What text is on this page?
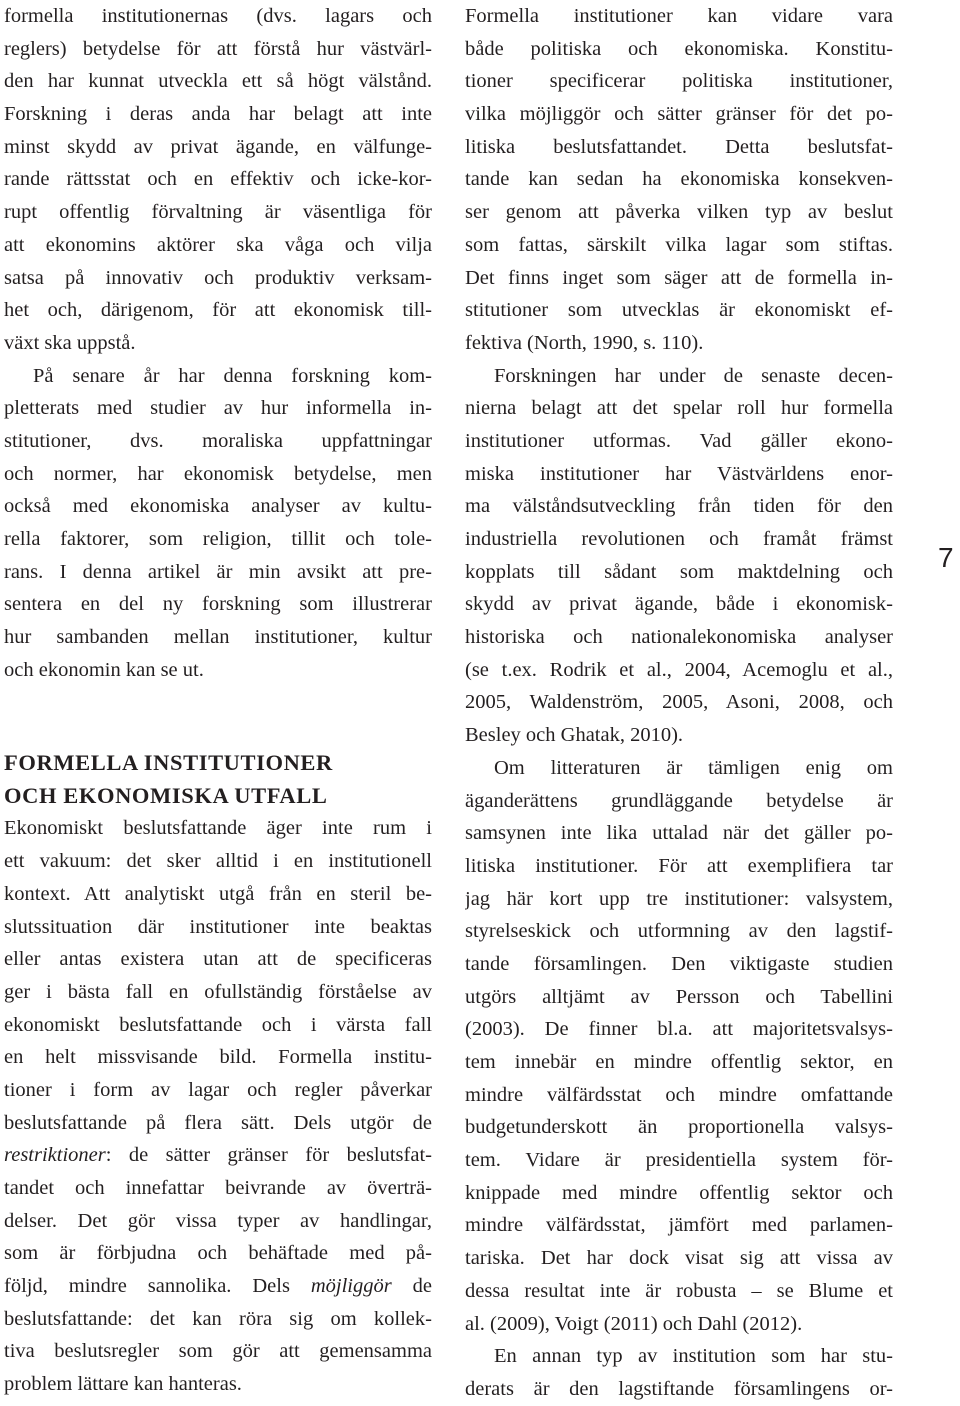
formella institutionernas (dvs. lagars och
reglers) betydelse för att förstå hur västvärl-
den har kunnat utveckla ett så högt välstånd.
Forskning i deras anda har belagt att inte
minst skydd av privat ägande, en välfunge-
rande rättsstat och en effektiv och icke-kor-
rupt offentlig förvaltning är väsentliga för
att ekonomins aktörer ska våga och vilja
satsa på innovativ och produktiv verksam-
het och, därigenom, för att ekonomisk till-
växt ska uppstå.
På senare år har denna forskning kom-
pletterats med studier av hur informella in-
stitutioner, dvs. moraliska uppfattningar
och normer, har ekonomisk betydelse, men
också med ekonomiska analyser av kultu-
rella faktorer, som religion, tillit och tole-
rans. I denna artikel är min avsikt att pre-
sentera en del ny forskning som illustrerar
hur sambanden mellan institutioner, kultur
och ekonomin kan se ut.
FORMELLA INSTITUTIONER
OCH EKONOMISKA UTFALL
Ekonomiskt beslutsfattande äger inte rum i
ett vakuum: det sker alltid i en institutionell
kontext. Att analytiskt utgå från en steril be-
slutssituation där institutioner inte beaktas
eller antas existera utan att de specificeras
ger i bästa fall en ofullständig förståelse av
ekonomiskt beslutsfattande och i värsta fall
en helt missvisande bild. Formella institu-
tioner i form av lagar och regler påverkar
beslutsfattande på flera sätt. Dels utgör de
restriktioner: de sätter gränser för beslutsfat-
tandet och innefattar beivrande av överträ-
delser. Det gör vissa typer av handlingar,
som är förbjudna och behäftade med på-
följd, mindre sannolika. Dels möjliggör de
beslutsfattande: det kan röra sig om kollek-
tiva beslutsregler som gör att gemensamma
problem lättare kan hanteras.
Formella institutioner kan vidare vara
både politiska och ekonomiska. Konstitu-
tioner specificerar politiska institutioner,
vilka möjliggör och sätter gränser för det po-
litiska beslutsfattandet. Detta beslutsfat-
tande kan sedan ha ekonomiska konsekven-
ser genom att påverka vilken typ av beslut
som fattas, särskilt vilka lagar som stiftas.
Det finns inget som säger att de formella in-
stitutioner som utvecklas är ekonomiskt ef-
fektiva (North, 1990, s. 110).
Forskningen har under de senaste decen-
nierna belagt att det spelar roll hur formella
institutioner utformas. Vad gäller ekono-
miska institutioner har Västvärldens enor-
ma välståndsutveckling från tiden för den
industriella revolutionen och framåt främst
kopplats till sådant som maktdelning och
skydd av privat ägande, både i ekonomisk-
historiska och nationalekonomiska analyser
(se t.ex. Rodrik et al., 2004, Acemoglu et al.,
2005, Waldenström, 2005, Asoni, 2008, och
Besley och Ghatak, 2010).
Om litteraturen är tämligen enig om
äganderättens grundläggande betydelse är
samsynen inte lika uttalad när det gäller po-
litiska institutioner. För att exemplifiera tar
jag här kort upp tre institutioner: valsystem,
styrelseskick och utformning av den lagstif-
tande församlingen. Den viktigaste studien
utgörs alltjämt av Persson och Tabellini
(2003). De finner bl.a. att majoritetsvalsys-
tem innebär en mindre offentlig sektor, en
mindre välfärdsstat och mindre omfattande
budgetunderskott än proportionella valsys-
tem. Vidare är presidentiella system för-
knippade med mindre offentlig sektor och
mindre välfärdsstat, jämfört med parlamen-
tariska. Det har dock visat sig att vissa av
dessa resultat inte är robusta – se Blume et
al. (2009), Voigt (2011) och Dahl (2012).
En annan typ av institution som har stu-
derats är den lagstiftande församlingens or-
7
